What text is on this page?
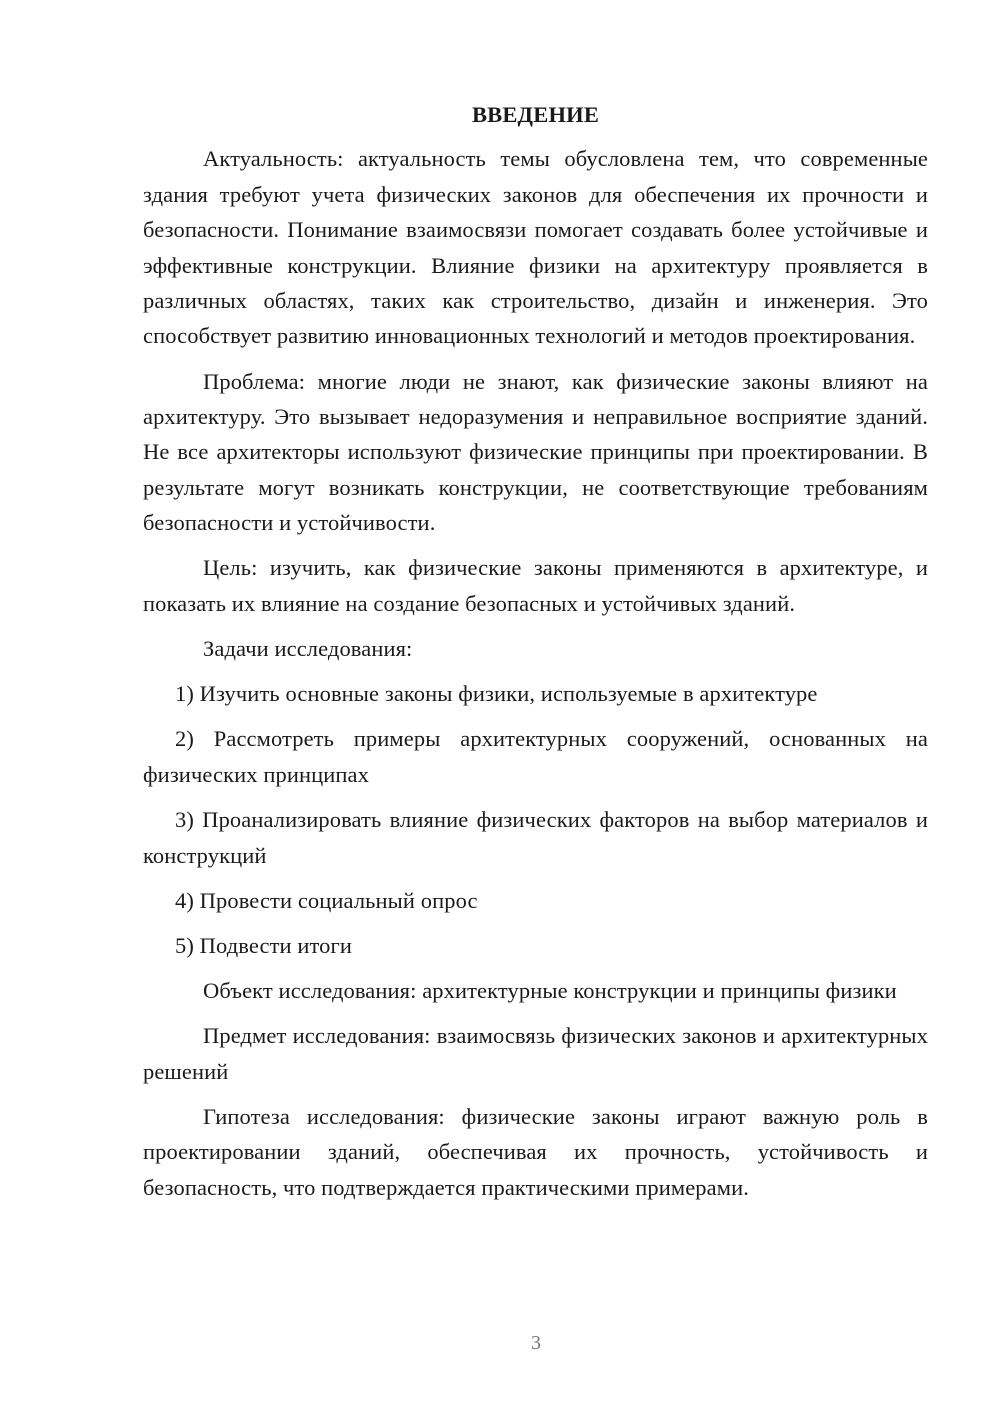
ВВЕДЕНИЕ

Актуальность: актуальность темы обусловлена тем, что современные здания требуют учета физических законов для обеспечения их прочности и безопасности. Понимание взаимосвязи помогает создавать более устойчивые и эффективные конструкции. Влияние физики на архитектуру проявляется в различных областях, таких как строительство, дизайн и инженерия. Это способствует развитию инновационных технологий и методов проектирования.

Проблема: многие люди не знают, как физические законы влияют на архитектуру. Это вызывает недоразумения и неправильное восприятие зданий. Не все архитекторы используют физические принципы при проектировании. В результате могут возникать конструкции, не соответствующие требованиям безопасности и устойчивости.

Цель: изучить, как физические законы применяются в архитектуре, и показать их влияние на создание безопасных и устойчивых зданий.

Задачи исследования:

1) Изучить основные законы физики, используемые в архитектуре

2) Рассмотреть примеры архитектурных сооружений, основанных на физических принципах

3) Проанализировать влияние физических факторов на выбор материалов и конструкций

4) Провести социальный опрос

5) Подвести итоги

Объект исследования: архитектурные конструкции и принципы физики

Предмет исследования: взаимосвязь физических законов и архитектурных решений

Гипотеза исследования: физические законы играют важную роль в проектировании зданий, обеспечивая их прочность, устойчивость и безопасность, что подтверждается практическими примерами.

3
